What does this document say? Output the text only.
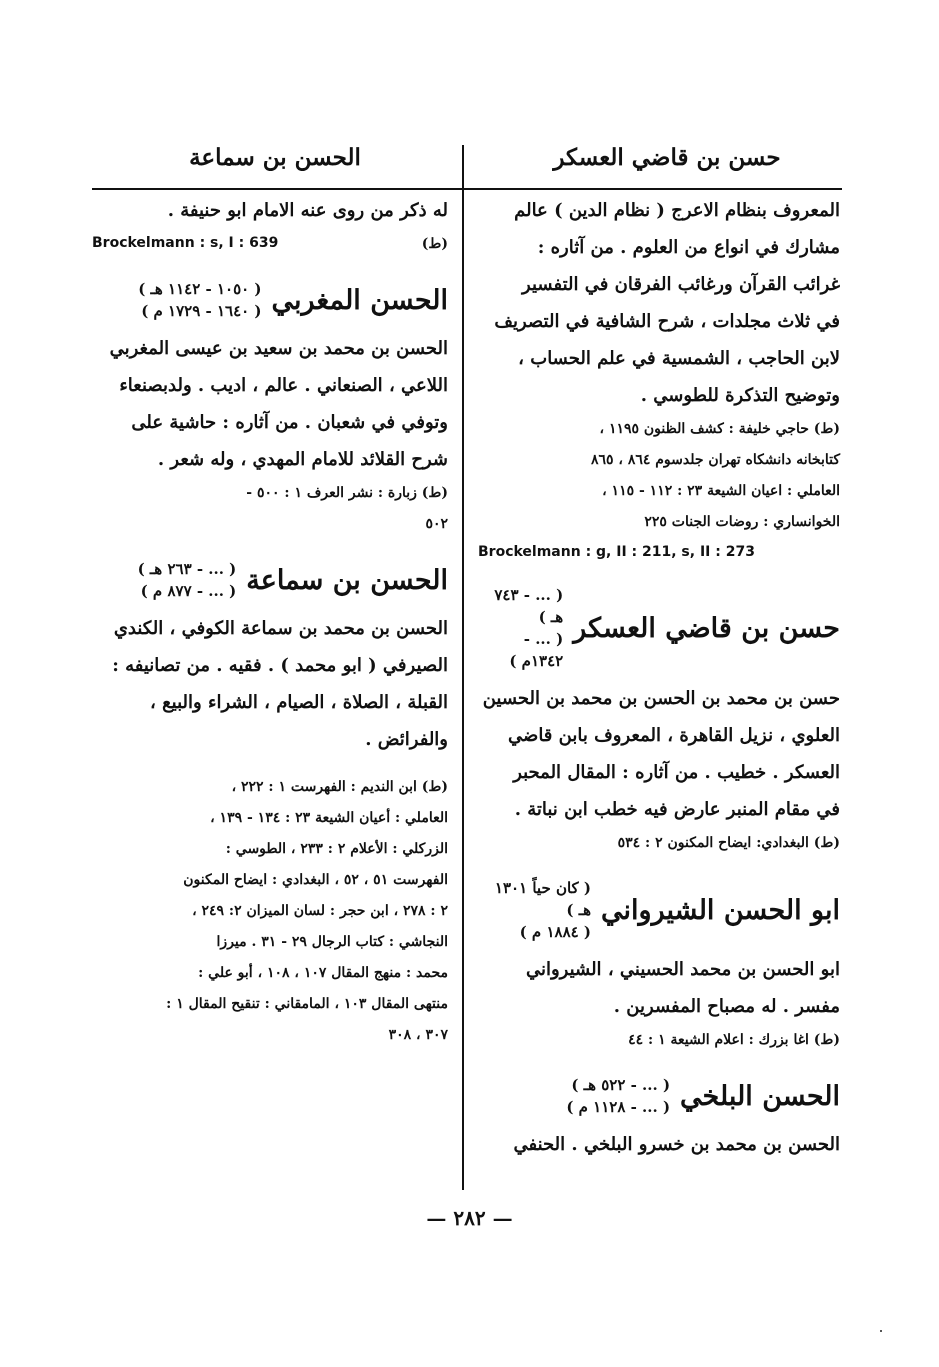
حسن بن قاضي العسكر
الحسن بن سماعة

المعروف بنظام الاعرج ( نظام الدين ) عالم

مشارك في انواع من العلوم . من آثاره :

غرائب القرآن ورغائب الفرقان في التفسير

في ثلاث مجلدات ، شرح الشافية في التصريف

لابن الحاجب ، الشمسية في علم الحساب ،

وتوضيح التذكرة للطوسي .

(ط) حاجي خليفة : كشف الظنون ١١٩٥ ،

كتابخانه دانشكاه تهران جلدسوم ٨٦٤ ، ٨٦٥

العاملي : اعيان الشيعة ٢٣ : ١١٢ - ١١٥ ،

الخوانساري : روضات الجنات ٢٢٥

Brockelmann : g, II : 211, s, II : 273

حسن بن قاضي العسكر
( ... - ٧٤٣ هـ )
( ... - ١٣٤٢م )

حسن بن محمد بن الحسن بن محمد بن الحسين

العلوي ، نزيل القاهرة ، المعروف بابن قاضي

العسكر . خطيب . من آثاره : المقال المحبر

في مقام المنبر عارض فيه خطب ابن نباتة .

(ط) البغدادي: ايضاح المكنون ٢ : ٥٣٤

ابو الحسن الشيرواني
( كان حياً ١٣٠١ هـ )
( ١٨٨٤ م )

ابو الحسن بن محمد الحسيني ، الشيرواني

مفسر . له مصباح المفسرين .

(ط) اغا بزرك : اعلام الشيعة ١ : ٤٤

الحسن البلخي
( ... - ٥٢٢ هـ )
( ... - ١١٢٨ م )

الحسن بن محمد بن خسرو البلخي . الحنفي

له ذكر من روى عنه الامام ابو حنيفة .

Brockelmann : s, I : 639	(ط)
الحسن المغربي
( ١٠٥٠ - ١١٤٢ هـ )
( ١٦٤٠ - ١٧٢٩ م )

الحسن بن محمد بن سعيد بن عيسى المغربي

اللاعي ، الصنعاني . عالم ، اديب . ولدبصنعاء

وتوفي في شعبان . من آثاره : حاشية على

شرح القلائد للامام المهدي ، وله شعر .

(ط) زبارة : نشر العرف ١ : ٥٠٠ -

٥٠٢

الحسن بن سماعة
( ... - ٢٦٣ هـ )
( ... - ٨٧٧ م )

الحسن بن محمد بن سماعة الكوفي ، الكندي

الصيرفي ( ابو محمد ) . فقيه . من تصانيفه :

القبلة ، الصلاة ، الصيام ، الشراء والبيع ،

والفرائض .

(ط) ابن النديم : الفهرست ١ : ٢٢٢ ،

العاملي : أعيان الشيعة ٢٣ : ١٣٤ - ١٣٩ ،

الزركلي : الأعلام ٢ : ٢٣٣ ، الطوسي :

الفهرست ٥١ ، ٥٢ ، البغدادي : ايضاح المكنون

٢ : ٢٧٨ ، ابن حجر : لسان الميزان ٢: ٢٤٩ ،

النجاشي : كتاب الرجال ٢٩ - ٣١ . ميرزا

محمد : منهج المقال ١٠٧ ، ١٠٨ ، أبو علي :

منتهى المقال ١٠٣ ، المامقاني : تنقيح المقال ١ :

٣٠٧ ، ٣٠٨

— ٢٨٢ —
